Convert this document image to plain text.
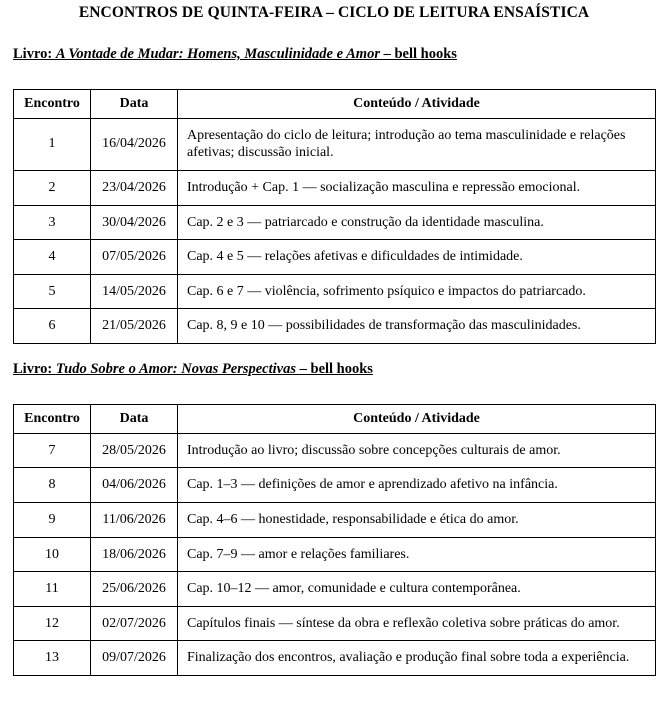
ENCONTROS DE QUINTA-FEIRA – CICLO DE LEITURA ENSAÍSTICA
Livro: A Vontade de Mudar: Homens, Masculinidade e Amor – bell hooks
Encontro	Data	Conteúdo / Atividade
1	16/04/2026	Apresentação do ciclo de leitura; introdução ao tema masculinidade e relações afetivas; discussão inicial.
2	23/04/2026	Introdução + Cap. 1 — socialização masculina e repressão emocional.
3	30/04/2026	Cap. 2 e 3 — patriarcado e construção da identidade masculina.
4	07/05/2026	Cap. 4 e 5 — relações afetivas e dificuldades de intimidade.
5	14/05/2026	Cap. 6 e 7 — violência, sofrimento psíquico e impactos do patriarcado.
6	21/05/2026	Cap. 8, 9 e 10 — possibilidades de transformação das masculinidades.
Livro: Tudo Sobre o Amor: Novas Perspectivas – bell hooks
Encontro	Data	Conteúdo / Atividade
7	28/05/2026	Introdução ao livro; discussão sobre concepções culturais de amor.
8	04/06/2026	Cap. 1–3 — definições de amor e aprendizado afetivo na infância.
9	11/06/2026	Cap. 4–6 — honestidade, responsabilidade e ética do amor.
10	18/06/2026	Cap. 7–9 — amor e relações familiares.
11	25/06/2026	Cap. 10–12 — amor, comunidade e cultura contemporânea.
12	02/07/2026	Capítulos finais — síntese da obra e reflexão coletiva sobre práticas do amor.
13	09/07/2026	Finalização dos encontros, avaliação e produção final sobre toda a experiência.
